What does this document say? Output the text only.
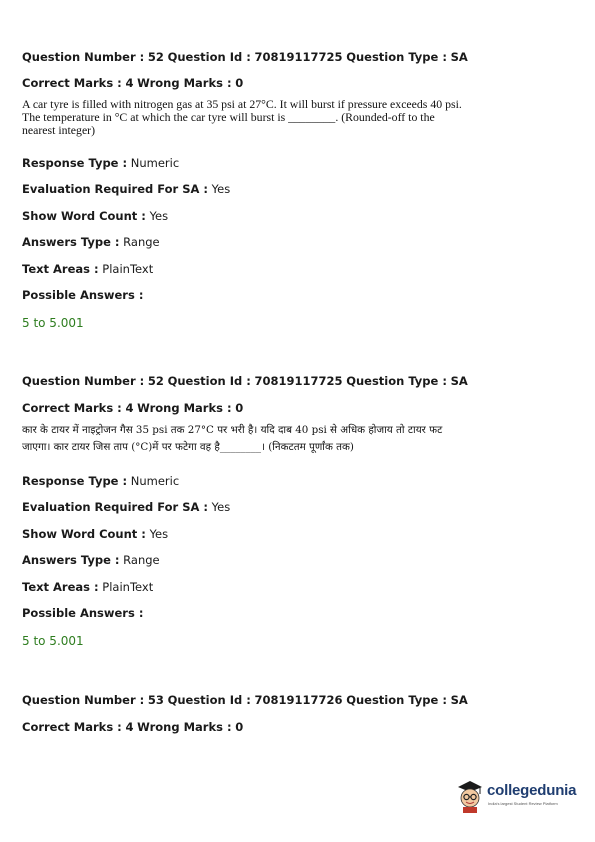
Question Number : 52 Question Id : 70819117725 Question Type : SA

Correct Marks : 4 Wrong Marks : 0

A car tyre is filled with nitrogen gas at 35 psi at 27°C. It will burst if pressure exceeds 40 psi.

The temperature in °C at which the car tyre will burst is ________. (Rounded-off to the

nearest integer)

Response Type : Numeric

Evaluation Required For SA : Yes

Show Word Count : Yes

Answers Type : Range

Text Areas : PlainText

Possible Answers :

5 to 5.001

Question Number : 52 Question Id : 70819117725 Question Type : SA

Correct Marks : 4 Wrong Marks : 0

कार के टायर में नाइट्रोजन गैस 35 psi तक 27°C पर भरी है। यदि दाब 40 psi से अधिक होजाय तो टायर फट

जाएगा। कार टायर जिस ताप (°C)में पर फटेगा वह है________। (निकटतम पूर्णांक तक)

Response Type : Numeric

Evaluation Required For SA : Yes

Show Word Count : Yes

Answers Type : Range

Text Areas : PlainText

Possible Answers :

5 to 5.001

Question Number : 53 Question Id : 70819117726 Question Type : SA

Correct Marks : 4 Wrong Marks : 0

collegedunia
India's largest Student Review Platform
